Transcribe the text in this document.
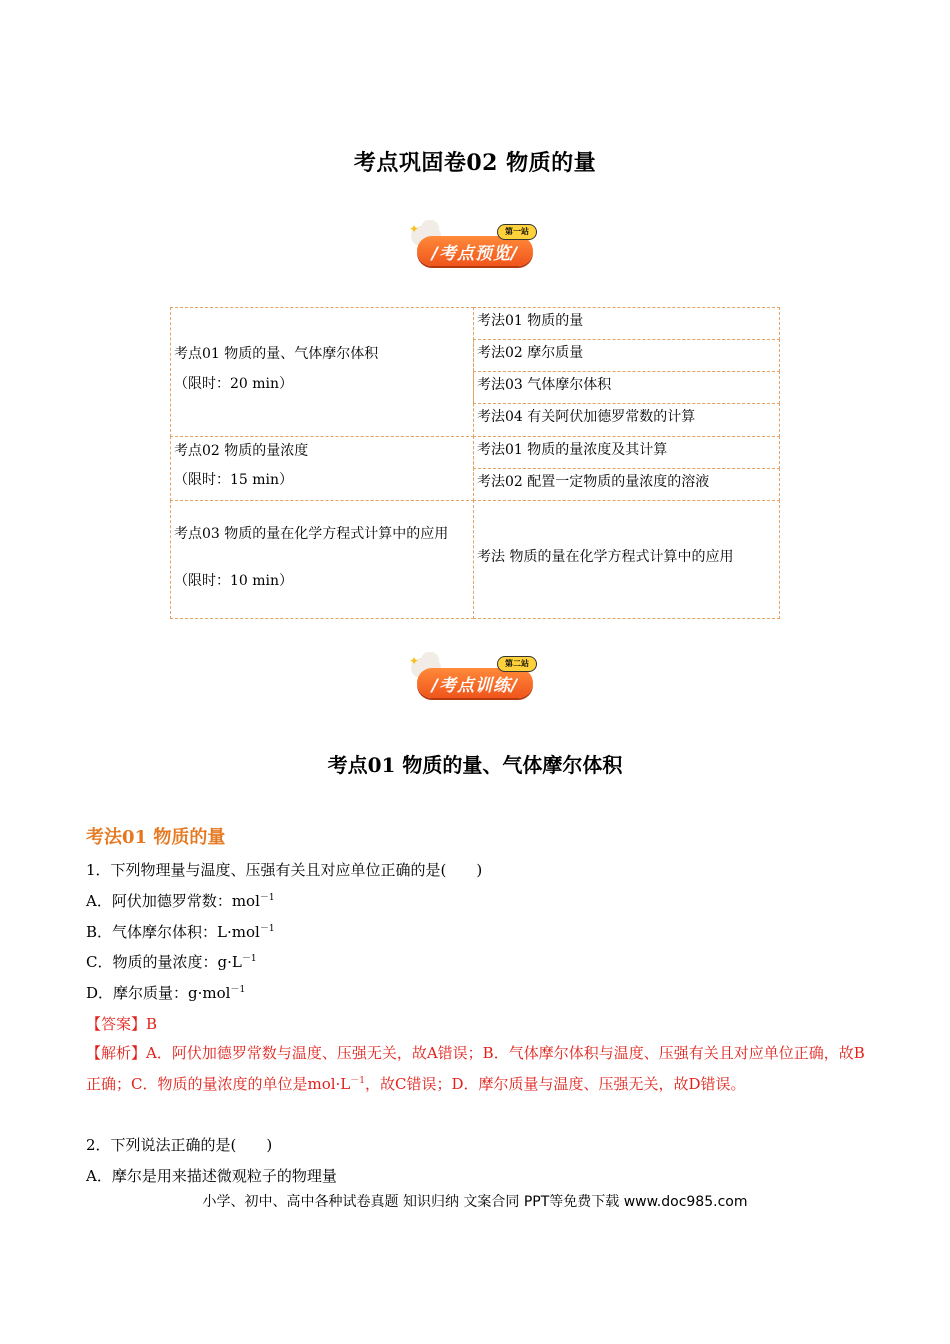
考点巩固卷02 物质的量
/考点预览/
✦	第一站
考点01 物质的量、气体摩尔体积
（限时：20 min）
考法01 物质的量
考法02 摩尔质量
考法03 气体摩尔体积
考法04 有关阿伏加德罗常数的计算
考点02 物质的量浓度
（限时：15 min）
考法01 物质的量浓度及其计算
考法02 配置一定物质的量浓度的溶液
考点03 物质的量在化学方程式计算中的应用
（限时：10 min）
考法 物质的量在化学方程式计算中的应用
/考点训练/
✦	第二站
考点01 物质的量、气体摩尔体积
考法01 物质的量
1．下列物理量与温度、压强有关且对应单位正确的是(　　)
A．阿伏加德罗常数：mol$^{-1}$
B．气体摩尔体积：L·mol$^{-1}$
C．物质的量浓度：$g\cdot L^{-1}$
D．摩尔质量：g·mol$^{-1}$
【答案】B
【解析】A．阿伏加德罗常数与温度、压强无关，故A错误；B．气体摩尔体积与温度、压强有关且对应单位正确，故B正确；C．物质的量浓度的单位是$mol\cdot L^{-1}$，故C错误；D．摩尔质量与温度、压强无关，故D错误。
2．下列说法正确的是(　　)
A．摩尔是用来描述微观粒子的物理量
小学、初中、高中各种试卷真题 知识归纳 文案合同 PPT等免费下载 www.doc985.com
